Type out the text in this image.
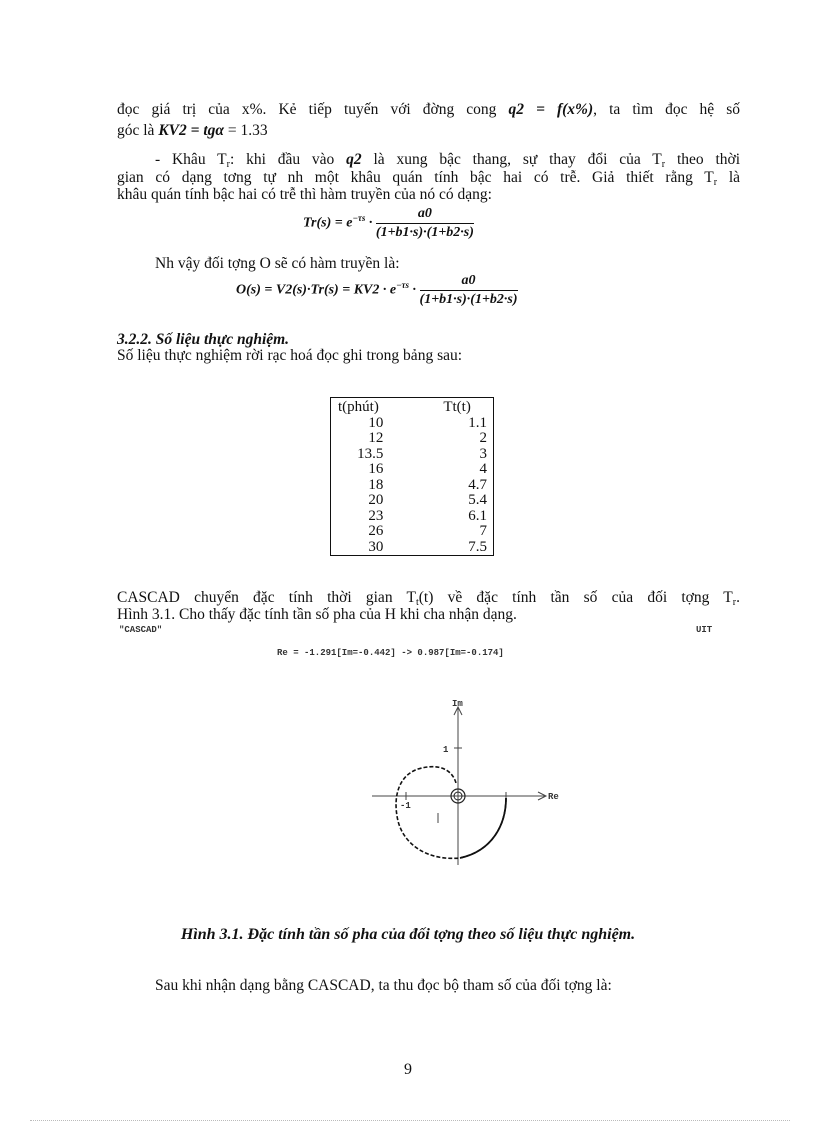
đọc giá trị của x%. Kẻ tiếp tuyến với đờng cong q2 = f(x%), ta tìm đọc hệ số
góc là KV2 = tgα = 1.33
- Khâu $T_r$: khi đầu vào q2 là xung bậc thang, sự thay đổi của $T_r$ theo thời
gian có dạng tơng tự nh một khâu quán tính bậc hai có trễ. Giả thiết rằng $T_r$ là
khâu quán tính bậc hai có trễ thì hàm truyền của nó có dạng:
$Tr(s) = e^{-\tau s} \cdot \frac{a0}{(1+b1\cdot s)\cdot(1+b2\cdot s)}$
Nh vậy đối tợng O sẽ có hàm truyền là:
$O(s) = V2(s)\cdot Tr(s) = KV2 \cdot e^{-\tau s} \cdot \frac{a0}{(1+b1\cdot s)\cdot(1+b2\cdot s)}$
3.2.2. Số liệu thực nghiệm.
Số liệu thực nghiệm rời rạc hoá đọc ghi trong bảng sau:
t(phút)	Tt(t)
10	1.1
12	2
13.5	3
16	4
18	4.7
20	5.4
23	6.1
26	7
30	7.5
CASCAD chuyển đặc tính thời gian $T_t(t)$ về đặc tính tần số của đối tợng $T_r$.
Hình 3.1. Cho thấy đặc tính tần số pha của H khi cha nhận dạng.
"CASCAD"	UIT
Re = -1.291[Im=-0.442] -> 0.987[Im=-0.174]
Im
Re
1
-1
Hình 3.1. Đặc tính tần số pha của đối tợng theo số liệu thực nghiệm.
Sau khi nhận dạng bằng CASCAD, ta thu đọc bộ tham số của đối tợng là:
9
